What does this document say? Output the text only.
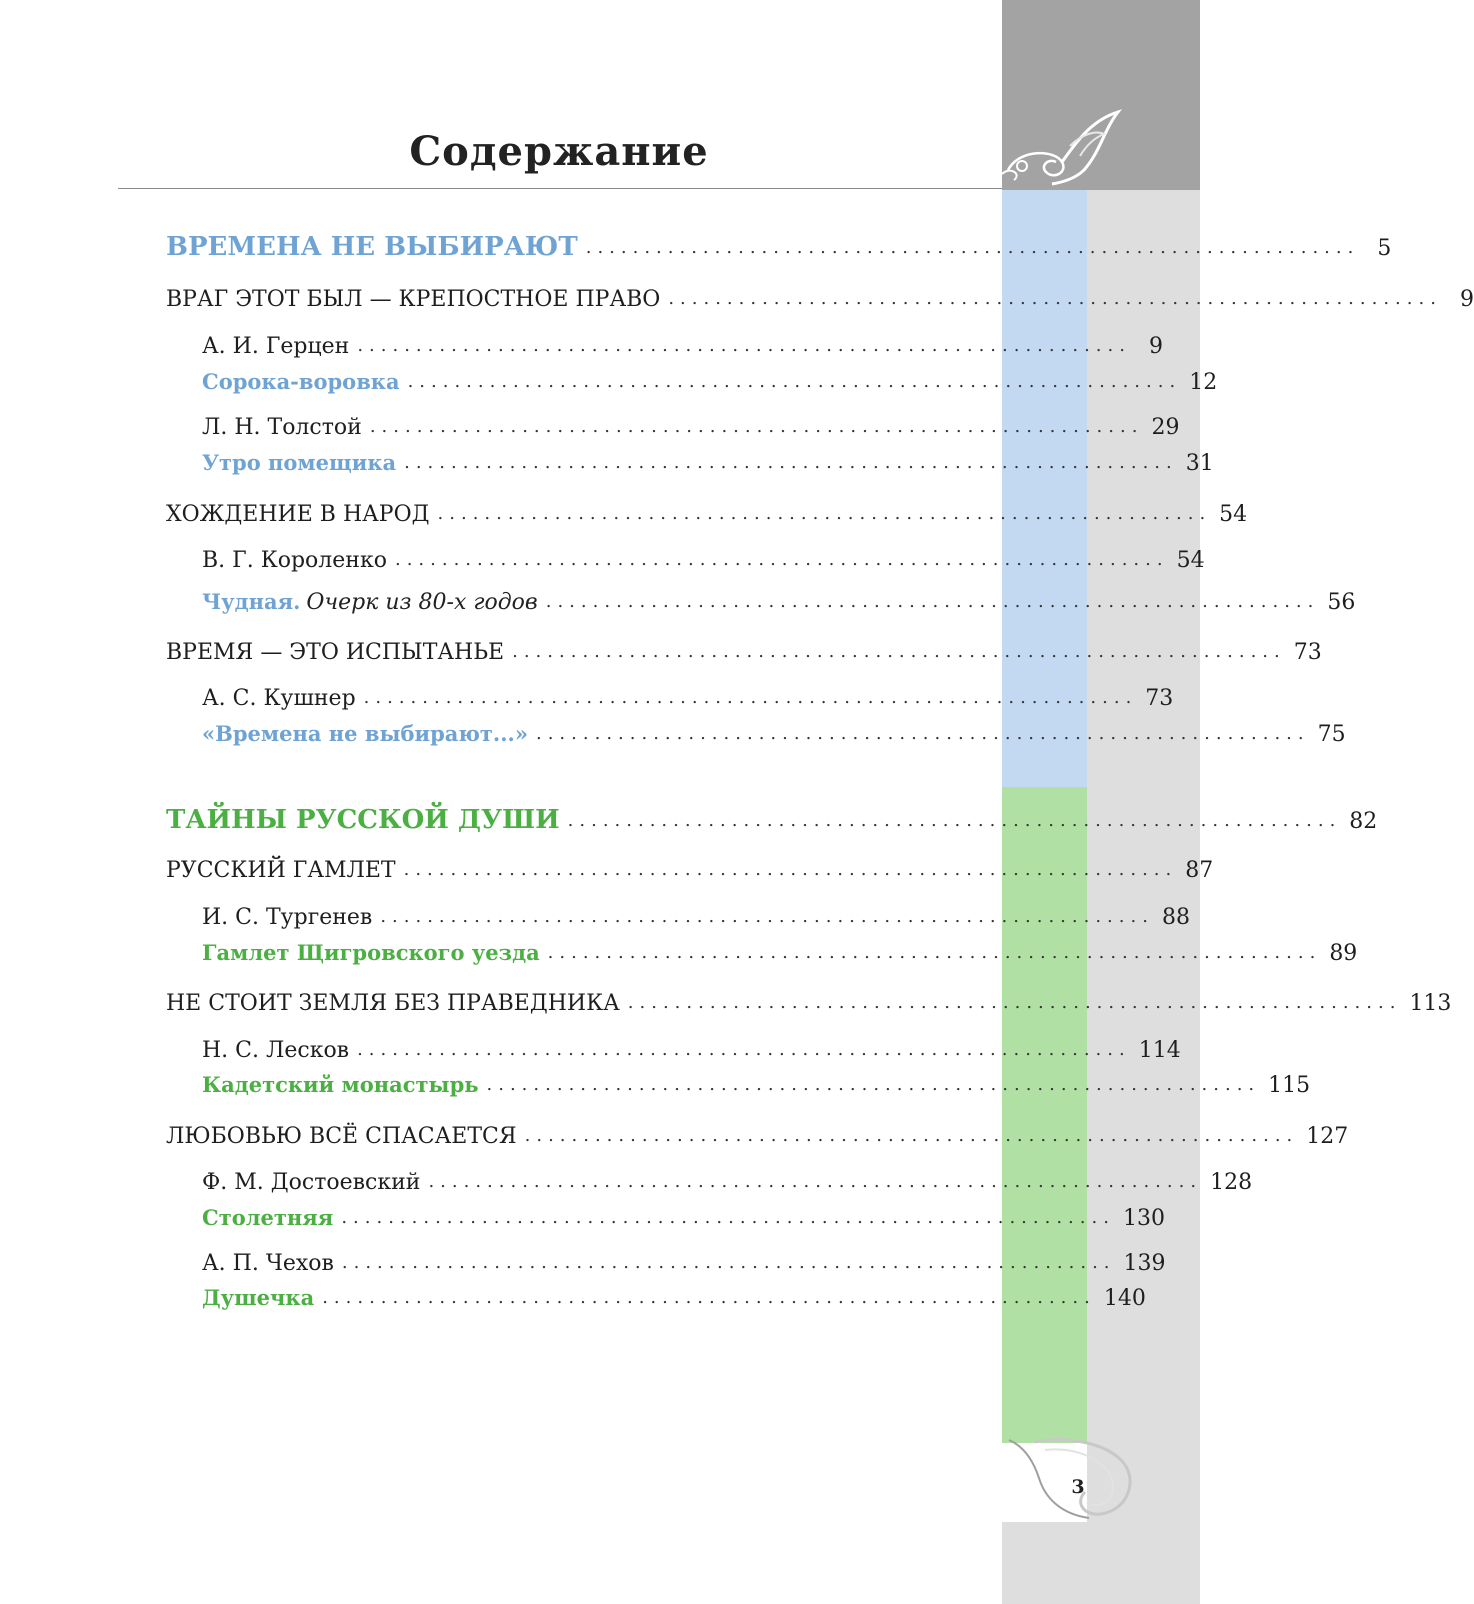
3
Содержание
ВРЕМЕНА НЕ ВЫБИРАЮТ .................................................................. 5
ВРАГ ЭТОТ БЫЛ — КРЕПОСТНОЕ ПРАВО .................................................................. 9
А. И. Герцен .................................................................. 9
Сорока-воровка .................................................................. 12
Л. Н. Толстой .................................................................. 29
Утро помещика .................................................................. 31
ХОЖДЕНИЕ В НАРОД .................................................................. 54
В. Г. Короленко .................................................................. 54
Чудная. Очерк из 80-х годов .................................................................. 56
ВРЕМЯ — ЭТО ИСПЫТАНЬЕ .................................................................. 73
А. С. Кушнер .................................................................. 73
«Времена не выбирают...» .................................................................. 75
ТАЙНЫ РУССКОЙ ДУШИ .................................................................. 82
РУССКИЙ ГАМЛЕТ .................................................................. 87
И. С. Тургенев .................................................................. 88
Гамлет Щигровского уезда .................................................................. 89
НЕ СТОИТ ЗЕМЛЯ БЕЗ ПРАВЕДНИКА .................................................................. 113
Н. С. Лесков .................................................................. 114
Кадетский монастырь .................................................................. 115
ЛЮБОВЬЮ ВСЁ СПАСАЕТСЯ .................................................................. 127
Ф. М. Достоевский .................................................................. 128
Столетняя .................................................................. 130
А. П. Чехов .................................................................. 139
Душечка .................................................................. 140
